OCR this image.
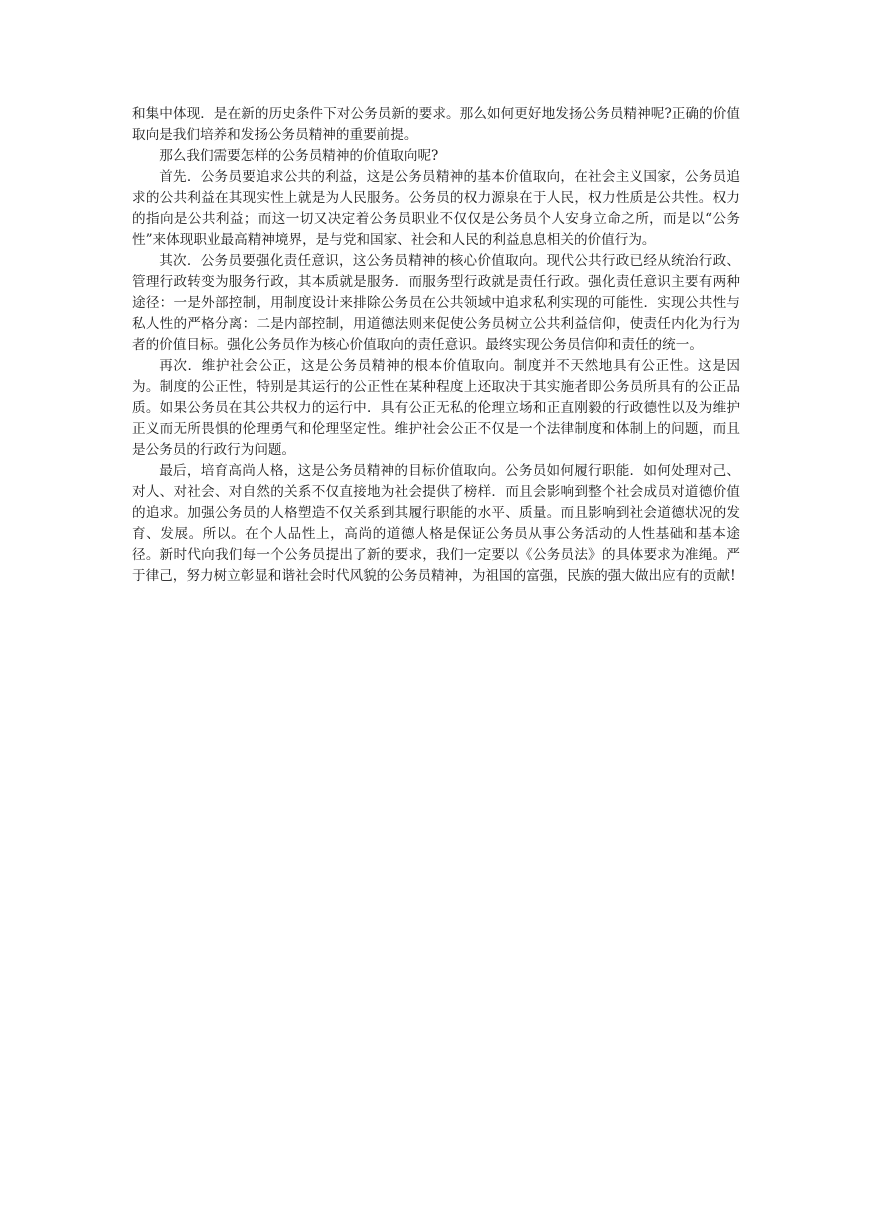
和集中体现．是在新的历史条件下对公务员新的要求。那么如何更好地发扬公务员精神呢?正确的价值取向是我们培养和发扬公务员精神的重要前提。

那么我们需要怎样的公务员精神的价值取向呢?

首先．公务员要追求公共的利益，这是公务员精神的基本价值取向，在社会主义国家，公务员追求的公共利益在其现实性上就是为人民服务。公务员的权力源泉在于人民，权力性质是公共性。权力的指向是公共利益；而这一切又决定着公务员职业不仅仅是公务员个人安身立命之所，而是以“公务性”来体现职业最高精神境界，是与党和国家、社会和人民的利益息息相关的价值行为。

其次．公务员要强化责任意识，这公务员精神的核心价值取向。现代公共行政已经从统治行政、管理行政转变为服务行政，其本质就是服务．而服务型行政就是责任行政。强化责任意识主要有两种途径：一是外部控制，用制度设计来排除公务员在公共领域中追求私利实现的可能性．实现公共性与私人性的严格分离：二是内部控制，用道德法则来促使公务员树立公共利益信仰，使责任内化为行为者的价值目标。强化公务员作为核心价值取向的责任意识。最终实现公务员信仰和责任的统一。

再次．维护社会公正，这是公务员精神的根本价值取向。制度并不天然地具有公正性。这是因为。制度的公正性，特别是其运行的公正性在某种程度上还取决于其实施者即公务员所具有的公正品质。如果公务员在其公共权力的运行中．具有公正无私的伦理立场和正直刚毅的行政德性以及为维护正义而无所畏惧的伦理勇气和伦理坚定性。维护社会公正不仅是一个法律制度和体制上的问题，而且是公务员的行政行为问题。

最后，培育高尚人格，这是公务员精神的目标价值取向。公务员如何履行职能．如何处理对己、对人、对社会、对自然的关系不仅直接地为社会提供了榜样．而且会影响到整个社会成员对道德价值的追求。加强公务员的人格塑造不仅关系到其履行职能的水平、质量。而且影响到社会道德状况的发育、发展。所以。在个人品性上，高尚的道德人格是保证公务员从事公务活动的人性基础和基本途径。新时代向我们每一个公务员提出了新的要求，我们一定要以《公务员法》的具体要求为准绳。严于律己，努力树立彰显和谐社会时代风貌的公务员精神，为祖国的富强，民族的强大做出应有的贡献!
